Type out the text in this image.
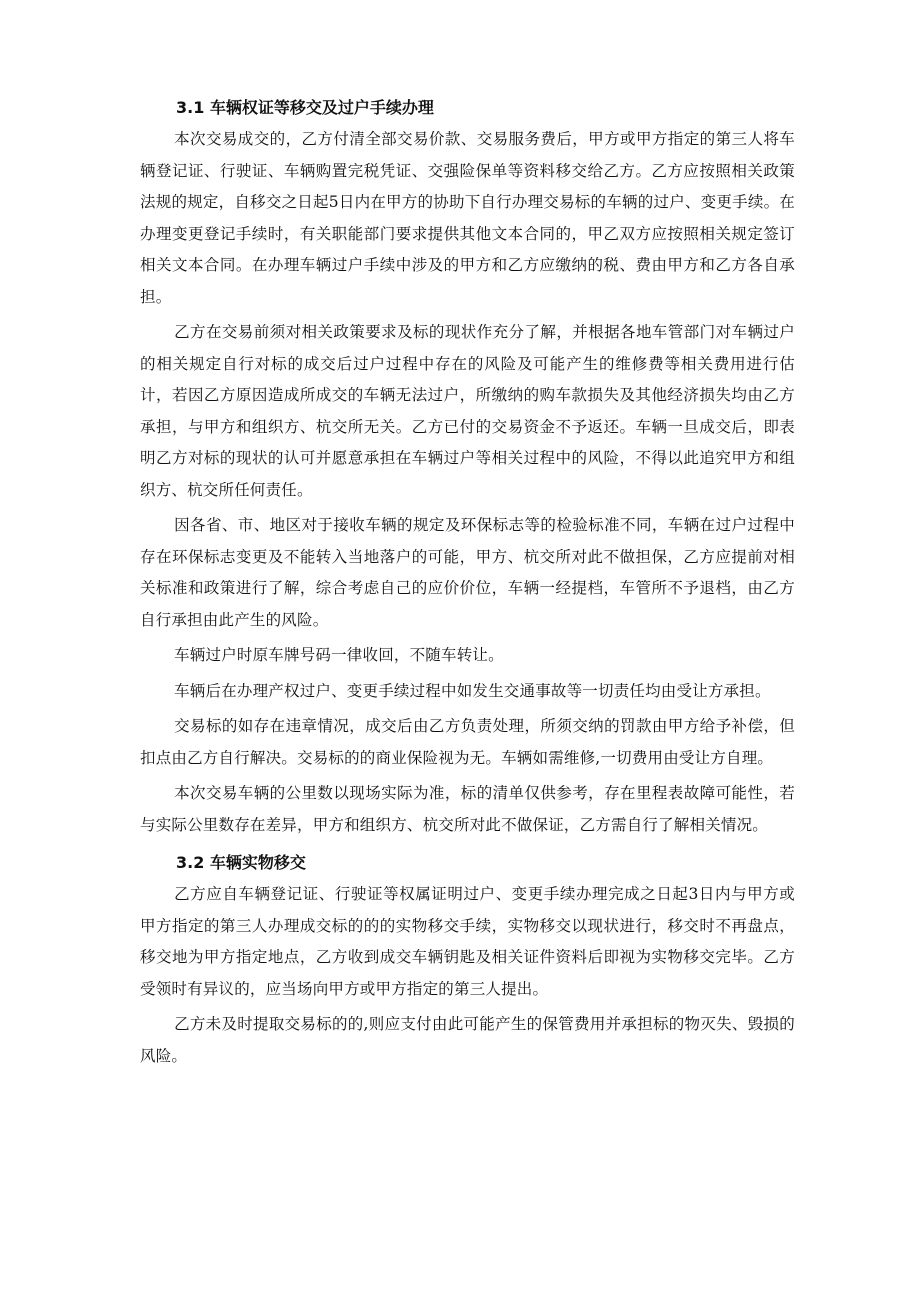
3.1 车辆权证等移交及过户手续办理

本次交易成交的，乙方付清全部交易价款、交易服务费后，甲方或甲方指定的第三人将车辆登记证、行驶证、车辆购置完税凭证、交强险保单等资料移交给乙方。乙方应按照相关政策法规的规定，自移交之日起5日内在甲方的协助下自行办理交易标的车辆的过户、变更手续。在办理变更登记手续时，有关职能部门要求提供其他文本合同的，甲乙双方应按照相关规定签订相关文本合同。在办理车辆过户手续中涉及的甲方和乙方应缴纳的税、费由甲方和乙方各自承担。

乙方在交易前须对相关政策要求及标的现状作充分了解，并根据各地车管部门对车辆过户的相关规定自行对标的成交后过户过程中存在的风险及可能产生的维修费等相关费用进行估计，若因乙方原因造成所成交的车辆无法过户，所缴纳的购车款损失及其他经济损失均由乙方承担，与甲方和组织方、杭交所无关。乙方已付的交易资金不予返还。车辆一旦成交后，即表明乙方对标的现状的认可并愿意承担在车辆过户等相关过程中的风险，不得以此追究甲方和组织方、杭交所任何责任。

因各省、市、地区对于接收车辆的规定及环保标志等的检验标准不同，车辆在过户过程中存在环保标志变更及不能转入当地落户的可能，甲方、杭交所对此不做担保，乙方应提前对相关标准和政策进行了解，综合考虑自己的应价价位，车辆一经提档，车管所不予退档，由乙方自行承担由此产生的风险。

车辆过户时原车牌号码一律收回，不随车转让。

车辆后在办理产权过户、变更手续过程中如发生交通事故等一切责任均由受让方承担。

交易标的如存在违章情况，成交后由乙方负责处理，所须交纳的罚款由甲方给予补偿，但扣点由乙方自行解决。交易标的的商业保险视为无。车辆如需维修,一切费用由受让方自理。

本次交易车辆的公里数以现场实际为准，标的清单仅供参考，存在里程表故障可能性，若与实际公里数存在差异，甲方和组织方、杭交所对此不做保证，乙方需自行了解相关情况。

3.2 车辆实物移交

乙方应自车辆登记证、行驶证等权属证明过户、变更手续办理完成之日起3日内与甲方或甲方指定的第三人办理成交标的的的实物移交手续，实物移交以现状进行，移交时不再盘点，移交地为甲方指定地点，乙方收到成交车辆钥匙及相关证件资料后即视为实物移交完毕。乙方受领时有异议的，应当场向甲方或甲方指定的第三人提出。

乙方未及时提取交易标的的,则应支付由此可能产生的保管费用并承担标的物灭失、毁损的风险。
